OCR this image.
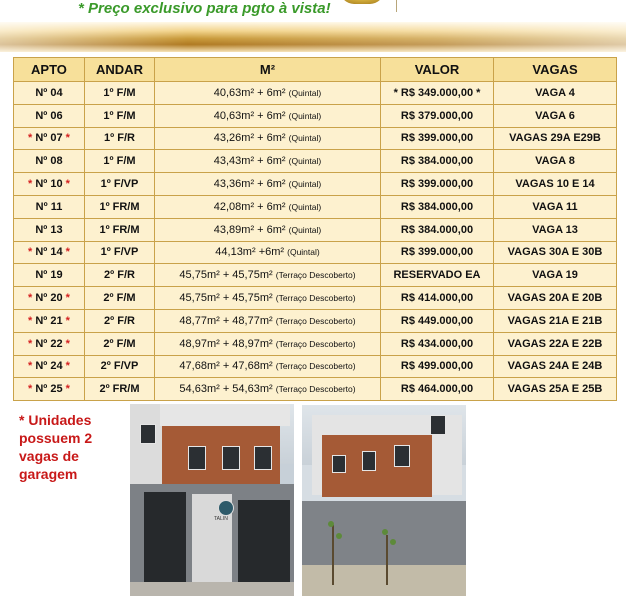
* Preço exclusivo para pgto à vista!
APTO	ANDAR	M²	VALOR	VAGAS
Nº 04	1º F/M	40,63m² + 6m² (Quintal)	* R$ 349.000,00 *	VAGA 4
Nº 06	1º F/M	40,63m² + 6m² (Quintal)	R$ 379.000,00	VAGA 6
* Nº 07 *	1º F/R	43,26m² + 6m² (Quintal)	R$ 399.000,00	VAGAS 29A E29B
Nº 08	1º F/M	43,43m² + 6m² (Quintal)	R$ 384.000,00	VAGA 8
* Nº 10 *	1º F/VP	43,36m² + 6m² (Quintal)	R$ 399.000,00	VAGAS 10 E 14
Nº 11	1º FR/M	42,08m² + 6m² (Quintal)	R$ 384.000,00	VAGA 11
Nº 13	1º FR/M	43,89m² + 6m² (Quintal)	R$ 384.000,00	VAGA 13
* Nº 14 *	1º F/VP	44,13m² +6m² (Quintal)	R$ 399.000,00	VAGAS 30A E 30B
Nº 19	2º F/R	45,75m² + 45,75m² (Terraço Descoberto)	RESERVADO EA	VAGA 19
* Nº 20 *	2º F/M	45,75m² + 45,75m² (Terraço Descoberto)	R$ 414.000,00	VAGAS 20A E 20B
* Nº 21 *	2º F/R	48,77m² + 48,77m² (Terraço Descoberto)	R$ 449.000,00	VAGAS 21A E 21B
* Nº 22 *	2º F/M	48,97m² + 48,97m² (Terraço Descoberto)	R$ 434.000,00	VAGAS 22A E 22B
* Nº 24 *	2º F/VP	47,68m² + 47,68m² (Terraço Descoberto)	R$ 499.000,00	VAGAS 24A E 24B
* Nº 25 *	2º FR/M	54,63m² + 54,63m² (Terraço Descoberto)	R$ 464.000,00	VAGAS 25A E 25B
* Unidades possuem 2 vagas de garagem
TALIN
